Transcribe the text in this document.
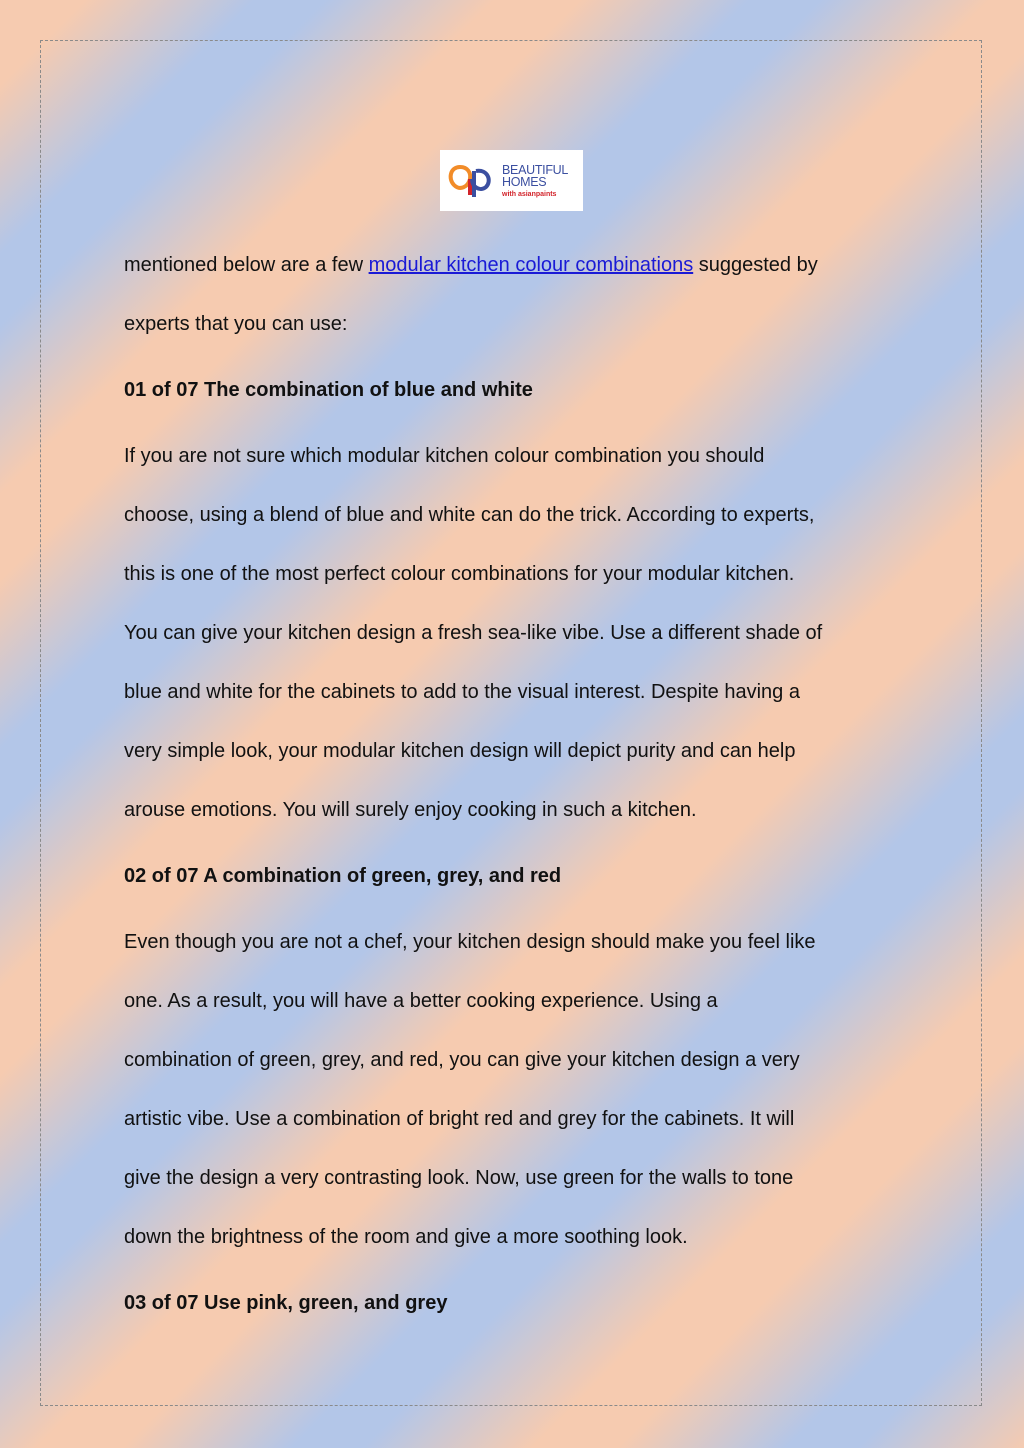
BEAUTIFUL
HOMES
with asianpaints
mentioned below are a few modular kitchen colour combinations suggested by
experts that you can use:
01 of 07 The combination of blue and white
If you are not sure which modular kitchen colour combination you should
choose, using a blend of blue and white can do the trick. According to experts,
this is one of the most perfect colour combinations for your modular kitchen.
You can give your kitchen design a fresh sea-like vibe. Use a different shade of
blue and white for the cabinets to add to the visual interest. Despite having a
very simple look, your modular kitchen design will depict purity and can help
arouse emotions. You will surely enjoy cooking in such a kitchen.
02 of 07 A combination of green, grey, and red
Even though you are not a chef, your kitchen design should make you feel like
one. As a result, you will have a better cooking experience. Using a
combination of green, grey, and red, you can give your kitchen design a very
artistic vibe. Use a combination of bright red and grey for the cabinets. It will
give the design a very contrasting look. Now, use green for the walls to tone
down the brightness of the room and give a more soothing look.
03 of 07 Use pink, green, and grey
